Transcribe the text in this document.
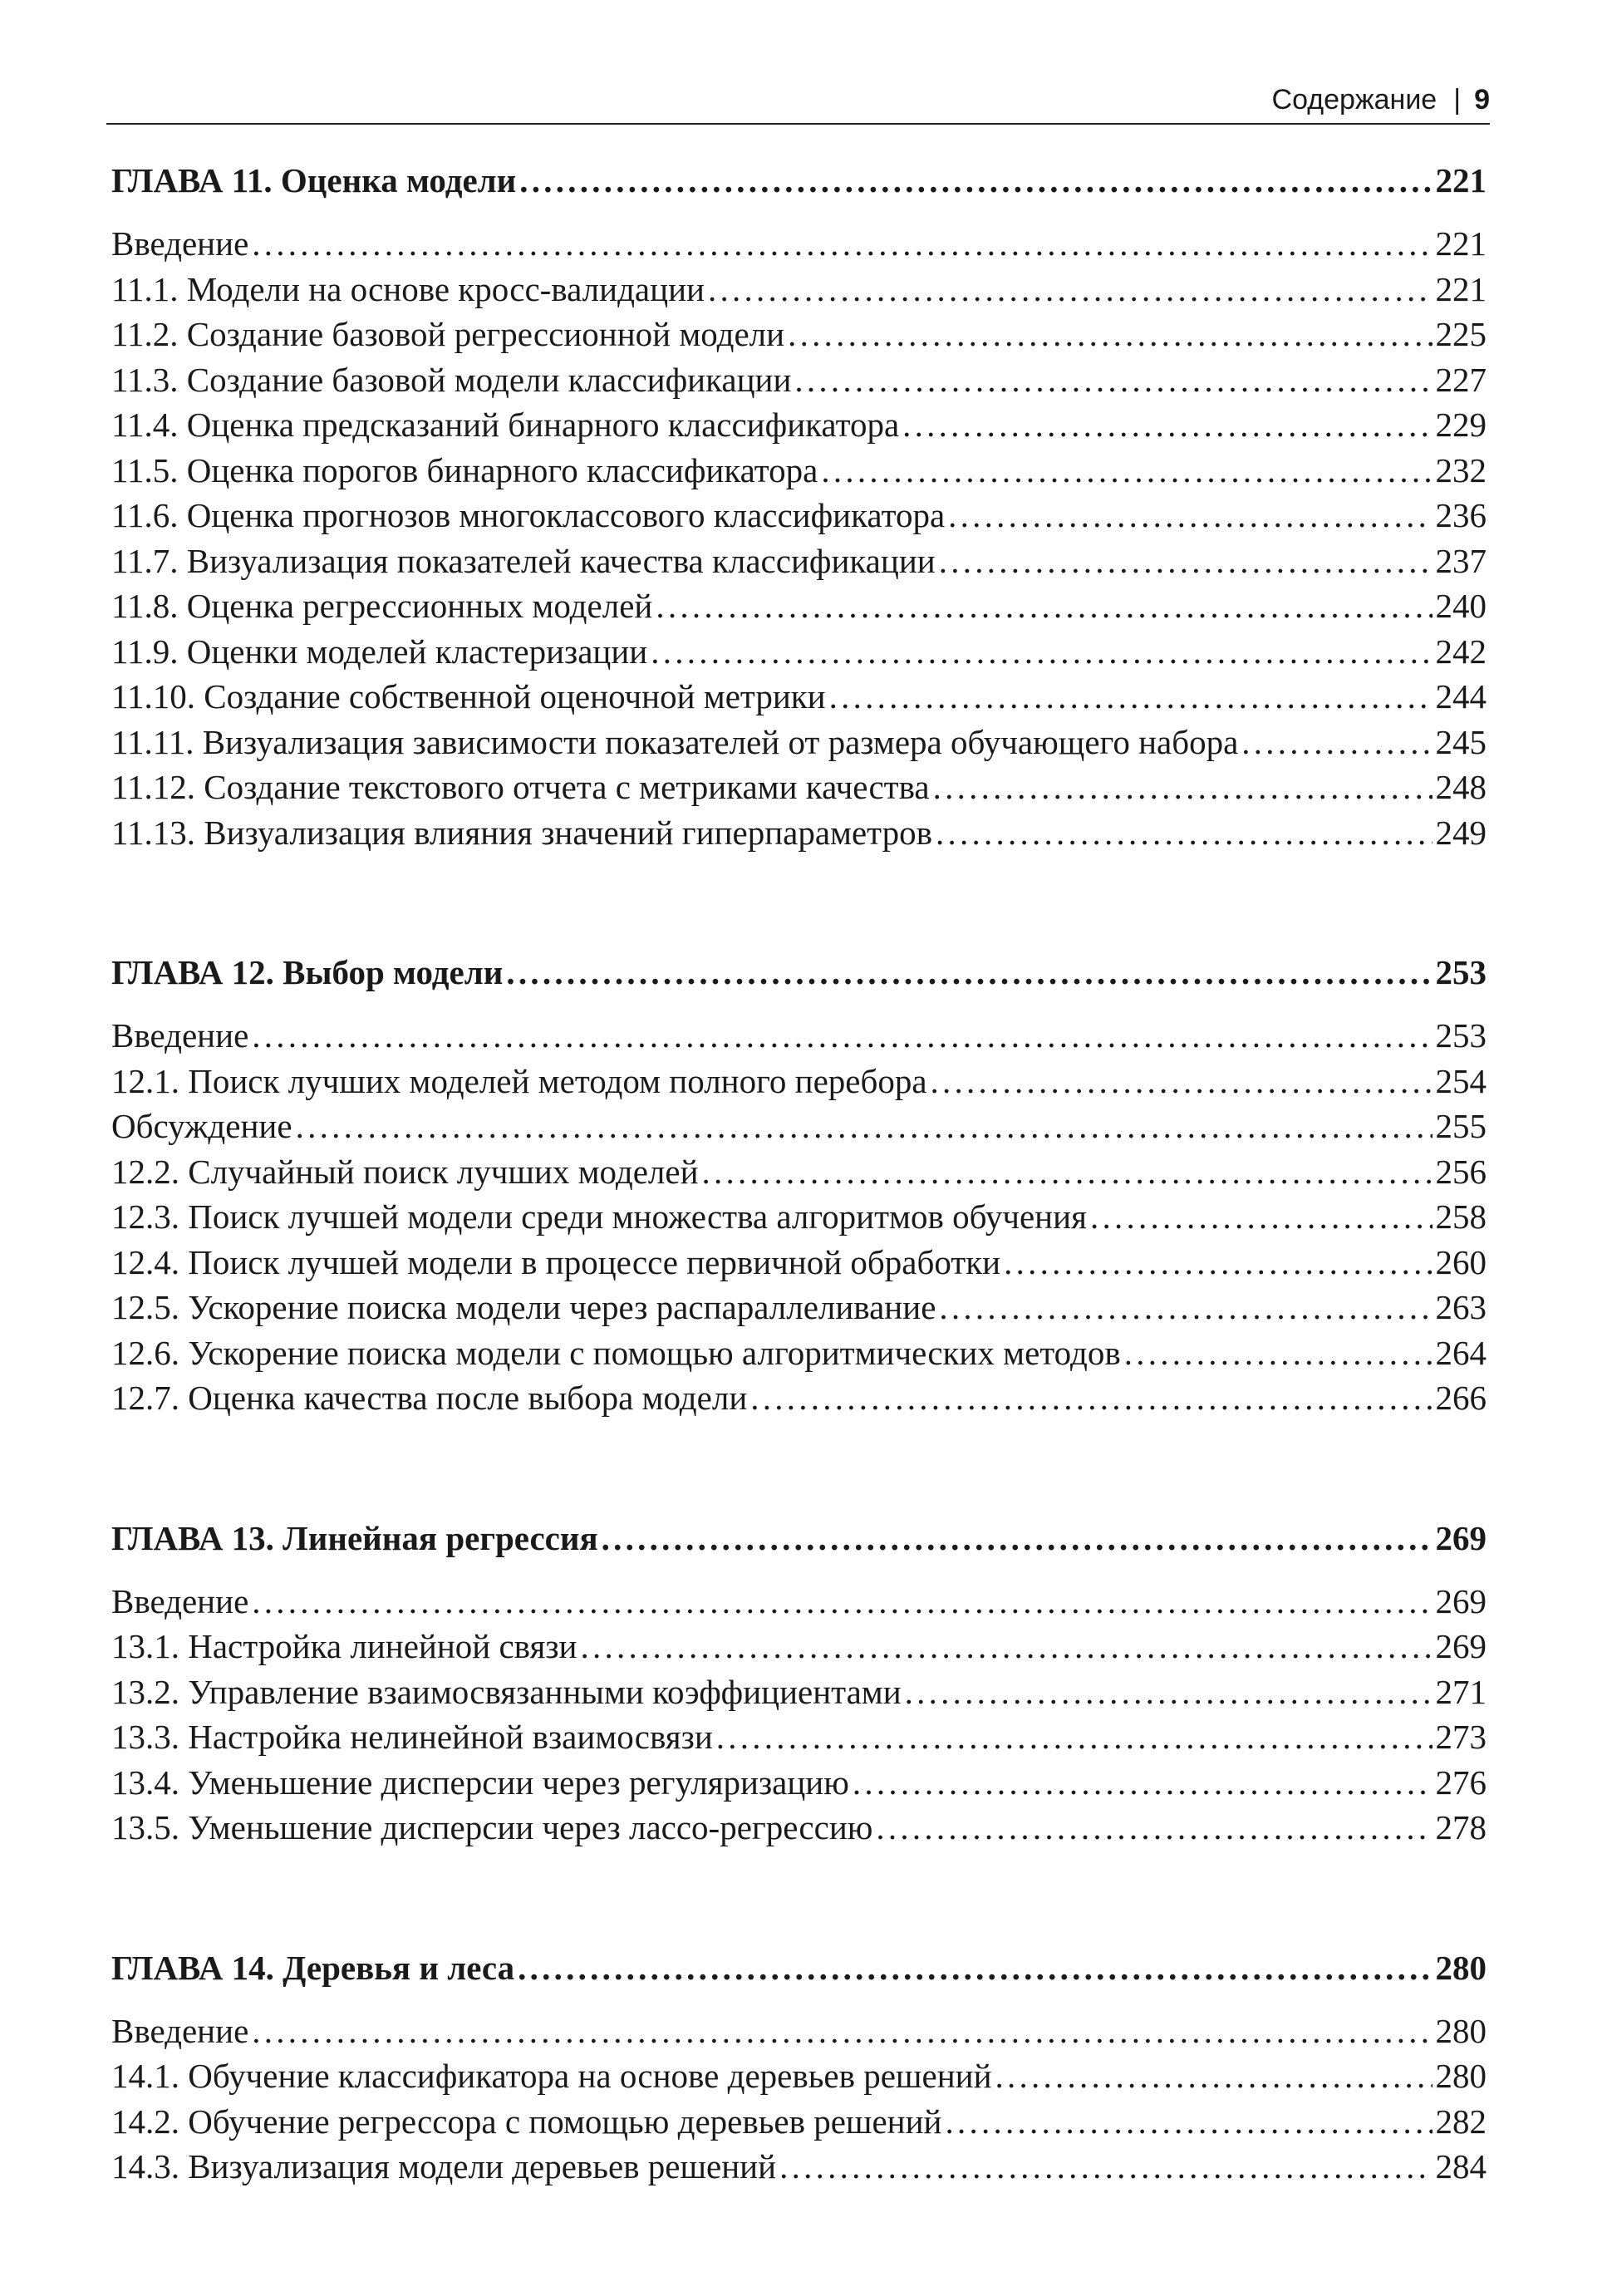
Содержание | 9
ГЛАВА 11. Оценка модели . . .	221
Введение . . .	221
11.1. Модели на основе кросс-валидации . . .	221
11.2. Создание базовой регрессионной модели . . .	225
11.3. Создание базовой модели классификации . . .	227
11.4. Оценка предсказаний бинарного классификатора . . .	229
11.5. Оценка порогов бинарного классификатора . . .	232
11.6. Оценка прогнозов многоклассового классификатора . . .	236
11.7. Визуализация показателей качества классификации . . .	237
11.8. Оценка регрессионных моделей . . .	240
11.9. Оценки моделей кластеризации . . .	242
11.10. Создание собственной оценочной метрики . . .	244
11.11. Визуализация зависимости показателей от размера обучающего набора . . .	245
11.12. Создание текстового отчета с метриками качества . . .	248
11.13. Визуализация влияния значений гиперпараметров . . .	249
ГЛАВА 12. Выбор модели . . .	253
Введение . . .	253
12.1. Поиск лучших моделей методом полного перебора . . .	254
Обсуждение . . .	255
12.2. Случайный поиск лучших моделей . . .	256
12.3. Поиск лучшей модели среди множества алгоритмов обучения . . .	258
12.4. Поиск лучшей модели в процессе первичной обработки . . .	260
12.5. Ускорение поиска модели через распараллеливание . . .	263
12.6. Ускорение поиска модели с помощью алгоритмических методов . . .	264
12.7. Оценка качества после выбора модели . . .	266
ГЛАВА 13. Линейная регрессия . . .	269
Введение . . .	269
13.1. Настройка линейной связи . . .	269
13.2. Управление взаимосвязанными коэффициентами . . .	271
13.3. Настройка нелинейной взаимосвязи . . .	273
13.4. Уменьшение дисперсии через регуляризацию . . .	276
13.5. Уменьшение дисперсии через лассо-регрессию . . .	278
ГЛАВА 14. Деревья и леса . . .	280
Введение . . .	280
14.1. Обучение классификатора на основе деревьев решений . . .	280
14.2. Обучение регрессора с помощью деревьев решений . . .	282
14.3. Визуализация модели деревьев решений . . .	284
